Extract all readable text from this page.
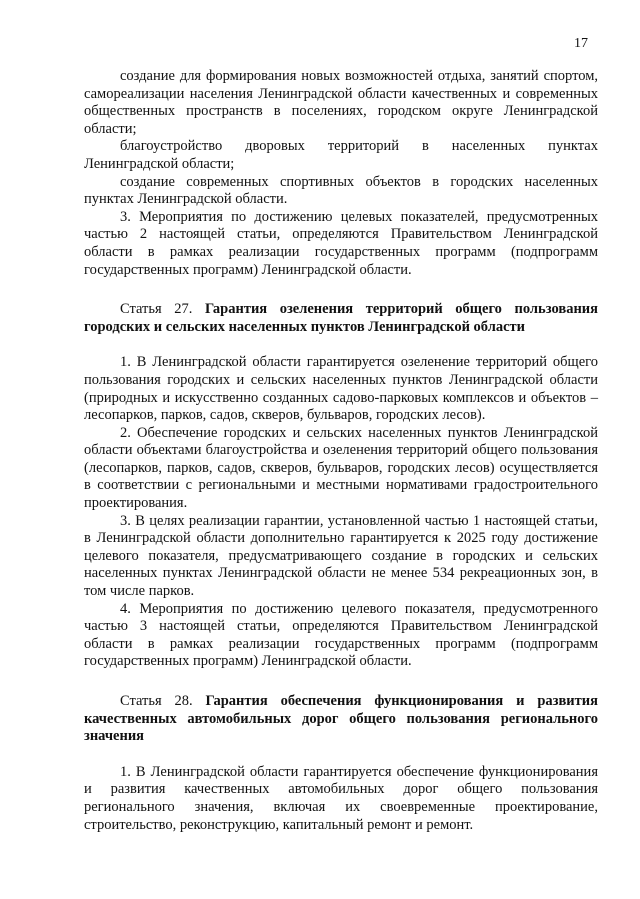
17

создание для формирования новых возможностей отдыха, занятий спортом, самореализации населения Ленинградской области качественных и современных общественных пространств в поселениях, городском округе Ленинградской области;

благоустройство дворовых территорий в населенных пунктах Ленинградской области;

создание современных спортивных объектов в городских населенных пунктах Ленинградской области.

3. Мероприятия по достижению целевых показателей, предусмотренных частью 2 настоящей статьи, определяются Правительством Ленинградской области в рамках реализации государственных программ (подпрограмм государственных программ) Ленинградской области.

Статья 27. Гарантия озеленения территорий общего пользования городских и сельских населенных пунктов Ленинградской области

1. В Ленинградской области гарантируется озеленение территорий общего пользования городских и сельских населенных пунктов Ленинградской области (природных и искусственно созданных садово-парковых комплексов и объектов – лесопарков, парков, садов, скверов, бульваров, городских лесов).

2. Обеспечение городских и сельских населенных пунктов Ленинградской области объектами благоустройства и озеленения территорий общего пользования (лесопарков, парков, садов, скверов, бульваров, городских лесов) осуществляется в соответствии с региональными и местными нормативами градостроительного проектирования.

3. В целях реализации гарантии, установленной частью 1 настоящей статьи, в Ленинградской области дополнительно гарантируется к 2025 году достижение целевого показателя, предусматривающего создание в городских и сельских населенных пунктах Ленинградской области не менее 534 рекреационных зон, в том числе парков.

4. Мероприятия по достижению целевого показателя, предусмотренного частью 3 настоящей статьи, определяются Правительством Ленинградской области в рамках реализации государственных программ (подпрограмм государственных программ) Ленинградской области.

Статья 28. Гарантия обеспечения функционирования и развития качественных автомобильных дорог общего пользования регионального значения

1. В Ленинградской области гарантируется обеспечение функционирования и развития качественных автомобильных дорог общего пользования регионального значения, включая их своевременные проектирование, строительство, реконструкцию, капитальный ремонт и ремонт.
